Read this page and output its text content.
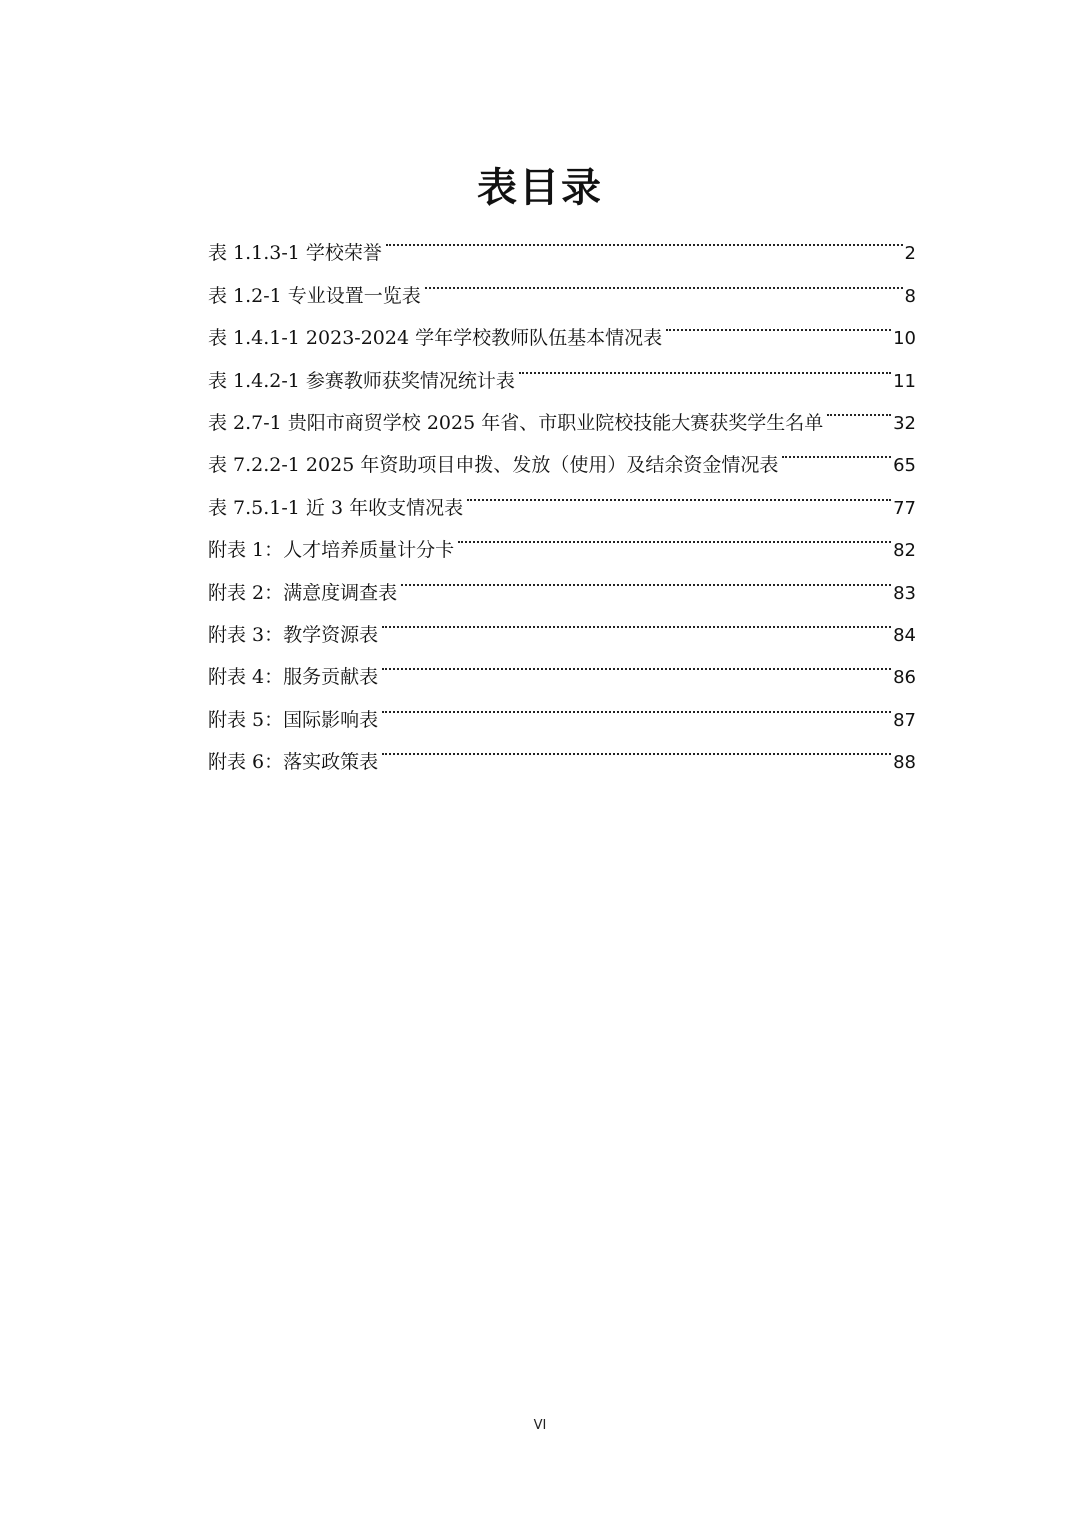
表目录
表 1.1.3-1 学校荣誉	2
表 1.2-1 专业设置一览表	8
表 1.4.1-1 2023-2024 学年学校教师队伍基本情况表	10
表 1.4.2-1 参赛教师获奖情况统计表	11
表 2.7-1 贵阳市商贸学校 2025 年省、市职业院校技能大赛获奖学生名单	32
表 7.2.2-1 2025 年资助项目申拨、发放（使用）及结余资金情况表	65
表 7.5.1-1 近 3 年收支情况表	77
附表 1：人才培养质量计分卡	82
附表 2：满意度调查表	83
附表 3：教学资源表	84
附表 4：服务贡献表	86
附表 5：国际影响表	87
附表 6：落实政策表	88
VI
